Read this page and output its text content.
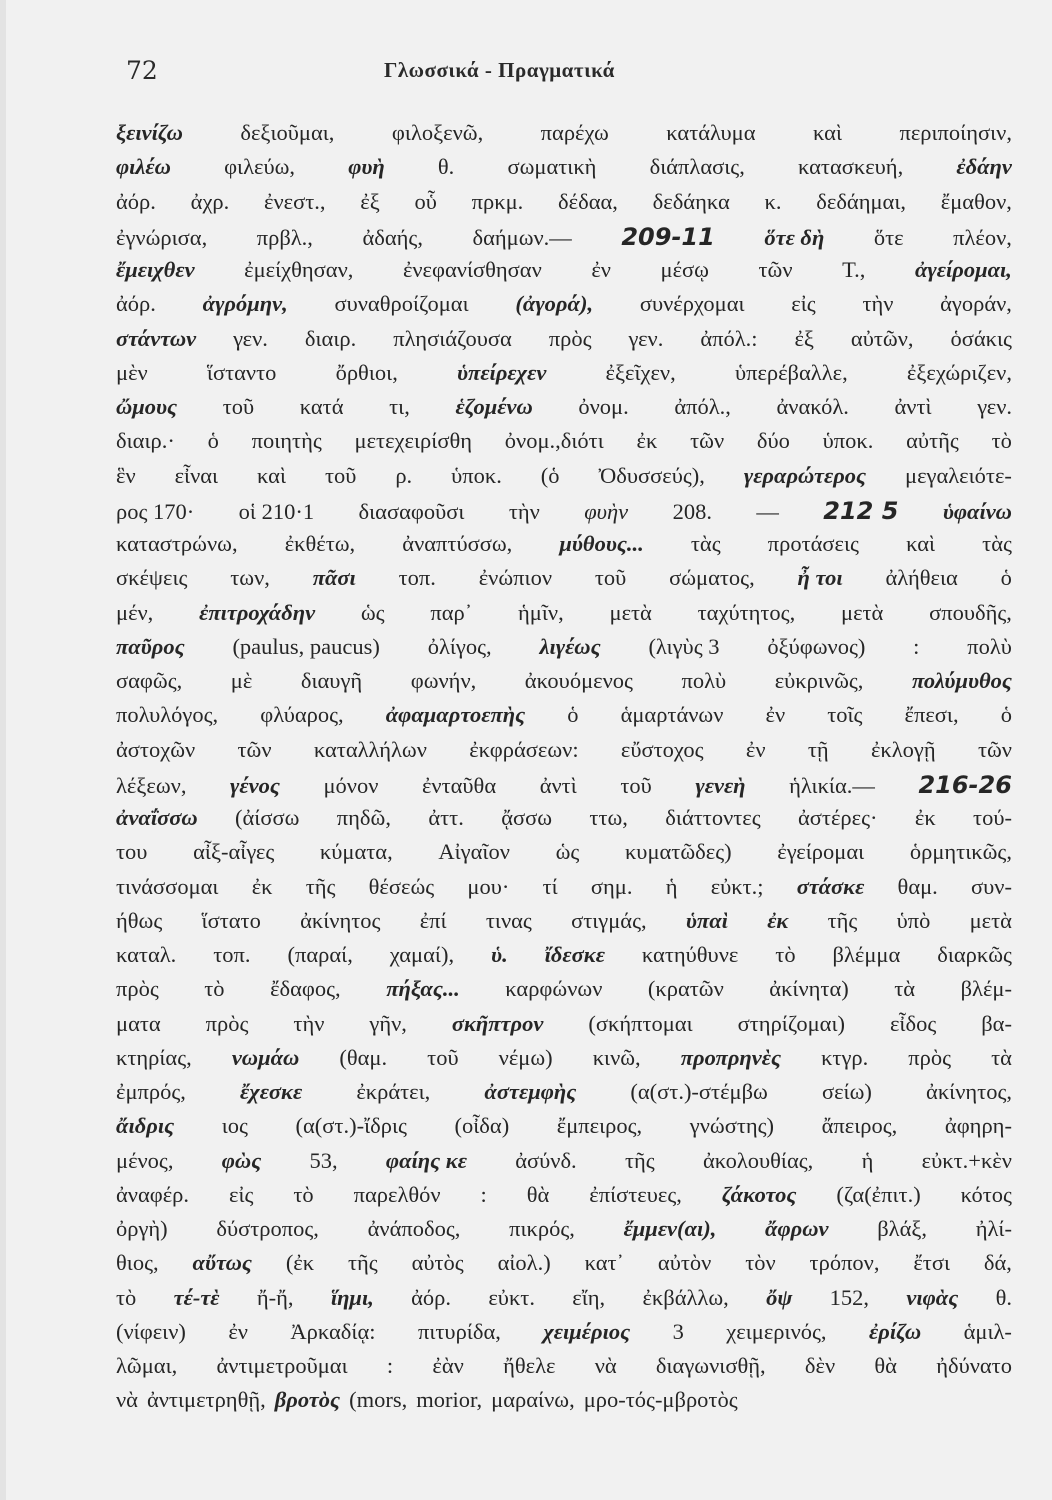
72	Γλωσσικά - Πραγματικά
ξεινίζω	δεξιοῦμαι,	φιλοξενῶ,	παρέχω	κατάλυμα	καὶ	περιποίησιν,
φιλέω φιλεύω, φυὴ θ. σωματικὴ διάπλασις, κατασκευή, ἐδάην
ἀόρ. ἀχρ. ἐνεστ., ἐξ οὗ πρκμ. δέδαα, δεδάηκα κ. δεδάημαι, ἔμαθον,
ἐγνώρισα, πρβλ., ἀδαής, δαήμων.— 209-11 ὅτε δὴ ὅτε πλέον,
ἔμειχθεν ἐμείχθησαν, ἐνεφανίσθησαν ἐν μέσῳ τῶν Τ., ἀγείρομαι,
ἀόρ. ἀγρόμην, συναθροίζομαι (ἀγορά), συνέρχομαι εἰς τὴν ἀγοράν,
στάντων γεν. διαιρ. πλησιάζουσα πρὸς γεν. ἀπόλ.: ἐξ αὐτῶν, ὁσάκις
μὲν	ἵσταντο	ὄρθιοι,	ὑπείρεχεν	ἐξεῖχεν,	ὑπερέβαλλε,	ἐξεχώριζεν,
ὤμους τοῦ κατά τι, ἑζομένω ὀνομ. ἀπόλ., ἀνακόλ. ἀντὶ γεν.
διαιρ.· ὁ ποιητὴς μετεχειρίσθη ὀνομ.,διότι ἐκ τῶν δύο ὑποκ. αὐτῆς τὸ
ἓν εἶναι καὶ τοῦ ρ. ὑποκ. (ὁ Ὀδυσσεύς), γεραρώτερος μεγαλειότε-
ρος 170· οἱ 210·1 διασαφοῦσι τὴν φυὴν 208. — 212 5 ὑφαίνω
καταστρώνω, ἐκθέτω, ἀναπτύσσω, μύθους... τὰς προτάσεις καὶ τὰς
σκέψεις των, πᾶσι τοπ. ἐνώπιον τοῦ σώματος, ἦ τοι ἀλήθεια ὁ
μέν, ἐπιτροχάδην ὡς παρ᾽ ἡμῖν, μετὰ ταχύτητος, μετὰ σπουδῆς,
παῦρος (paulus, paucus) ὀλίγος, λιγέως (λιγὺς 3 ὀξύφωνος) : πολὺ
σαφῶς, μὲ διαυγῆ φωνήν, ἀκουόμενος πολὺ εὐκρινῶς, πολύμυθος
πολυλόγος, φλύαρος, ἀφαμαρτοεπὴς ὁ ἁμαρτάνων ἐν τοῖς ἔπεσι, ὁ
ἀστοχῶν τῶν καταλλήλων ἐκφράσεων: εὔστοχος ἐν τῇ ἐκλογῇ τῶν
λέξεων, γένος μόνον ἐνταῦθα ἀντὶ τοῦ γενεὴ ἡλικία.— 216-26
ἀναΐσσω (ἀίσσω πηδῶ, ἀττ. ᾄσσω ττω, διάττοντες ἀστέρες· ἐκ τού-
του αἶξ-αἶγες κύματα, Αἰγαῖον ὡς κυματῶδες) ἐγείρομαι ὁρμητικῶς,
τινάσσομαι ἐκ τῆς θέσεώς μου· τί σημ. ἡ εὐκτ.; στάσκε θαμ. συν-
ήθως ἵστατο ἀκίνητος ἐπί τινας στιγμάς, ὑπαὶ ἐκ τῆς ὑπὸ μετὰ
καταλ. τοπ. (παραί, χαμαί), ὑ. ἴδεσκε κατηύθυνε τὸ βλέμμα διαρκῶς
πρὸς τὸ ἔδαφος, πήξας... καρφώνων (κρατῶν ἀκίνητα) τὰ βλέμ-
ματα πρὸς τὴν γῆν, σκῆπτρον (σκήπτομαι στηρίζομαι) εἶδος βα-
κτηρίας, νωμάω (θαμ. τοῦ νέμω) κινῶ, προπρηνὲς κτγρ. πρὸς τὰ
ἐμπρός, ἔχεσκε ἐκράτει, ἀστεμφὴς (α(στ.)-στέμβω σείω) ἀκίνητος,
ἄιδρις ιος (α(στ.)-ἴδρις (οἶδα) ἔμπειρος, γνώστης) ἄπειρος, ἀφηρη-
μένος, φὼς 53, φαίης κε ἀσύνδ. τῆς ἀκολουθίας, ἡ εὐκτ.+κὲν
ἀναφέρ. εἰς τὸ παρελθόν : θὰ ἐπίστευες, ζάκοτος (ζα(ἐπιτ.) κότος
ὀργὴ) δύστροπος, ἀνάποδος, πικρός, ἔμμεν(αι), ἄφρων βλάξ, ἠλί-
θιος, αὔτως (ἐκ τῆς αὐτὸς αἰολ.) κατ᾽ αὐτὸν τὸν τρόπον, ἔτσι δά,
τὸ τέ-τὲ ἤ-ἤ, ἵημι, ἀόρ. εὐκτ. εἴη, ἐκβάλλω, ὄψ 152, νιφὰς θ.
(νίφειν) ἐν Ἀρκαδίᾳ: πιτυρίδα, χειμέριος 3 χειμερινός, ἐρίζω ἁμιλ-
λῶμαι, ἀντιμετροῦμαι : ἐὰν ἤθελε νὰ διαγωνισθῇ, δὲν θὰ ἠδύνατο
νὰ ἀντιμετρηθῇ, βροτὸς (mors, morior, μαραίνω, μρο-τός-μβροτὸς
